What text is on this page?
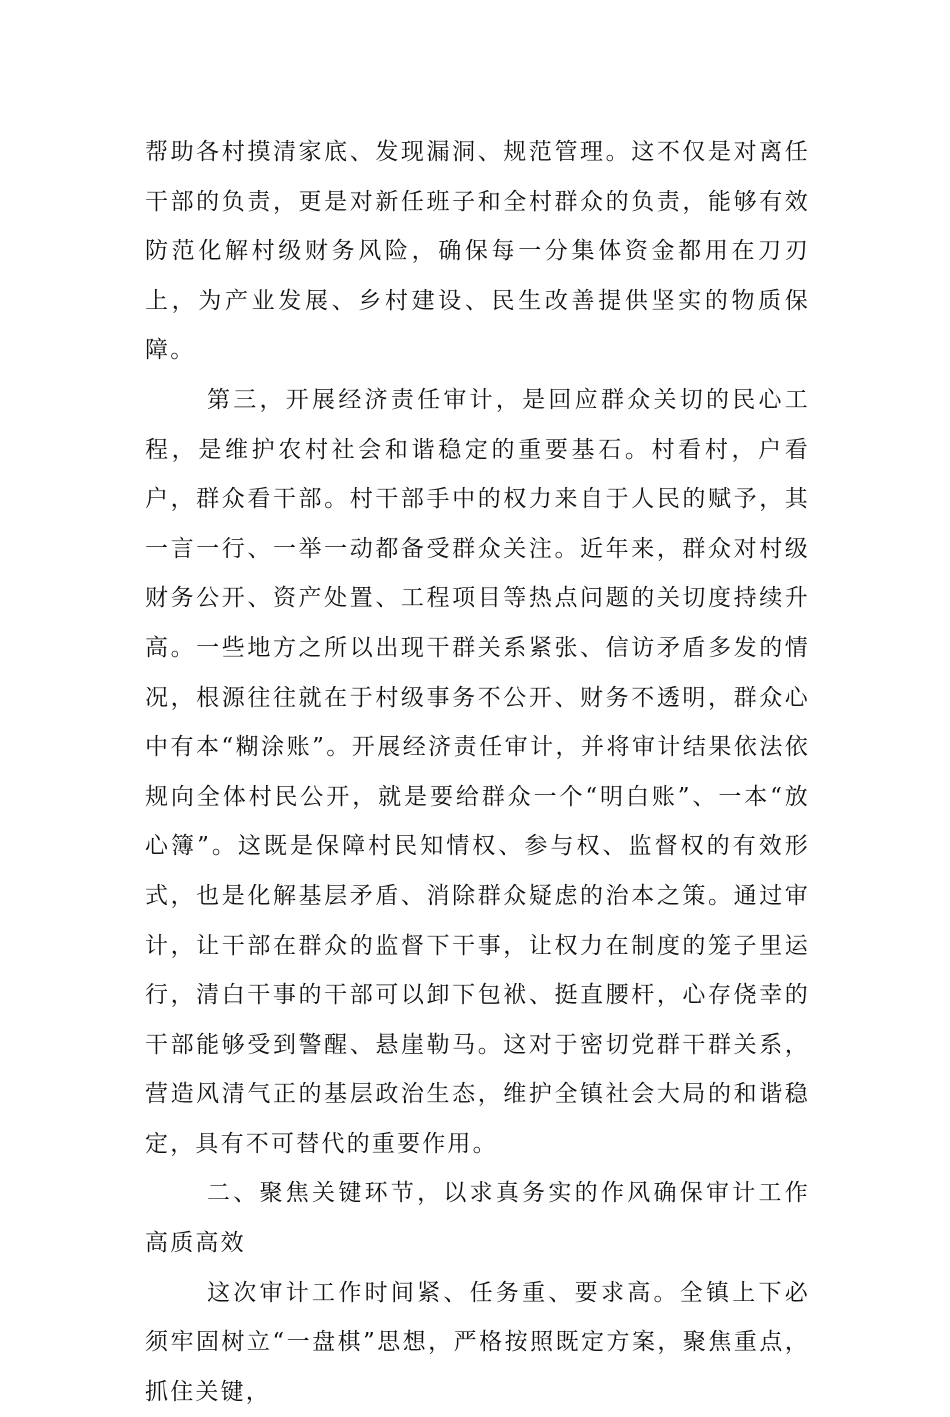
帮助各村摸清家底、发现漏洞、规范管理。这不仅是对离任干部的负责，更是对新任班子和全村群众的负责，能够有效防范化解村级财务风险，确保每一分集体资金都用在刀刃上，为产业发展、乡村建设、民生改善提供坚实的物质保障。

第三，开展经济责任审计，是回应群众关切的民心工程，是维护农村社会和谐稳定的重要基石。村看村，户看户，群众看干部。村干部手中的权力来自于人民的赋予，其一言一行、一举一动都备受群众关注。近年来，群众对村级财务公开、资产处置、工程项目等热点问题的关切度持续升高。一些地方之所以出现干群关系紧张、信访矛盾多发的情况，根源往往就在于村级事务不公开、财务不透明，群众心中有本“糊涂账”。开展经济责任审计，并将审计结果依法依规向全体村民公开，就是要给群众一个“明白账”、一本“放心簿”。这既是保障村民知情权、参与权、监督权的有效形式，也是化解基层矛盾、消除群众疑虑的治本之策。通过审计，让干部在群众的监督下干事，让权力在制度的笼子里运行，清白干事的干部可以卸下包袱、挺直腰杆，心存侥幸的干部能够受到警醒、悬崖勒马。这对于密切党群干群关系，营造风清气正的基层政治生态，维护全镇社会大局的和谐稳定，具有不可替代的重要作用。

二、聚焦关键环节，以求真务实的作风确保审计工作高质高效

这次审计工作时间紧、任务重、要求高。全镇上下必须牢固树立“一盘棋”思想，严格按照既定方案，聚焦重点，抓住关键，
